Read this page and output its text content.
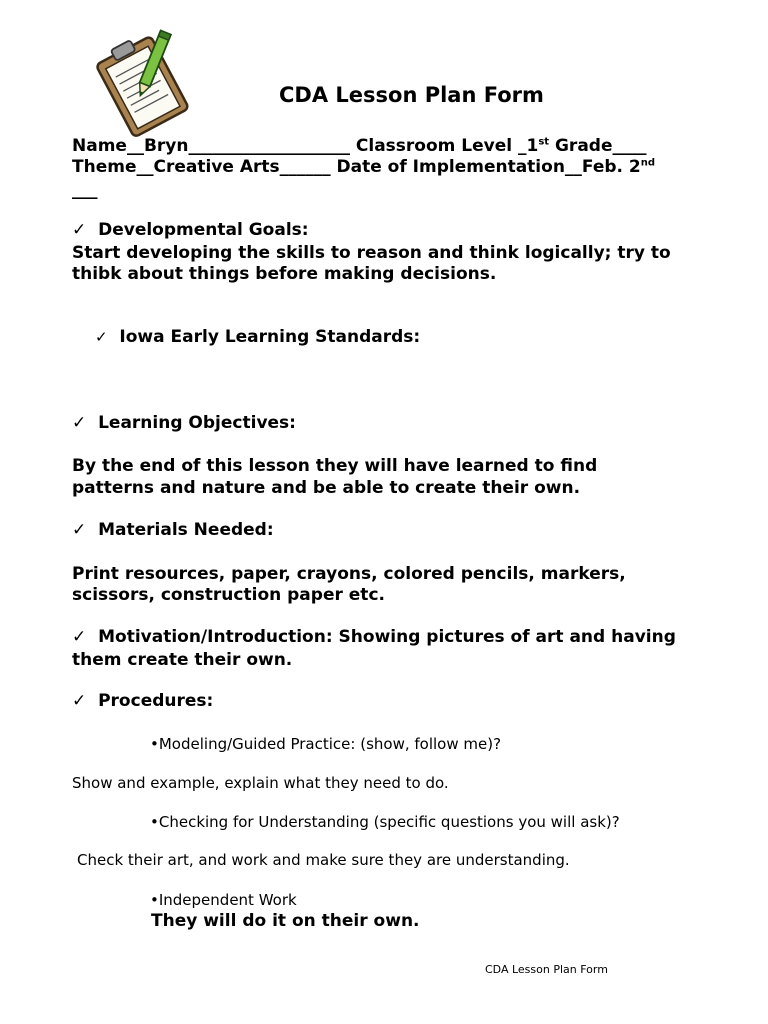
CDA Lesson Plan Form
Name__Bryn___________________ Classroom Level _1st Grade____
Theme__Creative Arts______ Date of Implementation__Feb. 2nd
___
✓ Developmental Goals:
Start developing the skills to reason and think logically; try to
thibk about things before making decisions.
✓ Iowa Early Learning Standards:
✓ Learning Objectives:
By the end of this lesson they will have learned to find
patterns and nature and be able to create their own.
✓ Materials Needed:
Print resources, paper, crayons, colored pencils, markers,
scissors, construction paper etc.
✓ Motivation/Introduction: Showing pictures of art and having
them create their own.
✓ Procedures:
•Modeling/Guided Practice: (show, follow me)?
Show and example, explain what they need to do.
•Checking for Understanding (specific questions you will ask)?
Check their art, and work and make sure they are understanding.
•Independent Work
They will do it on their own.
CDA Lesson Plan Form
